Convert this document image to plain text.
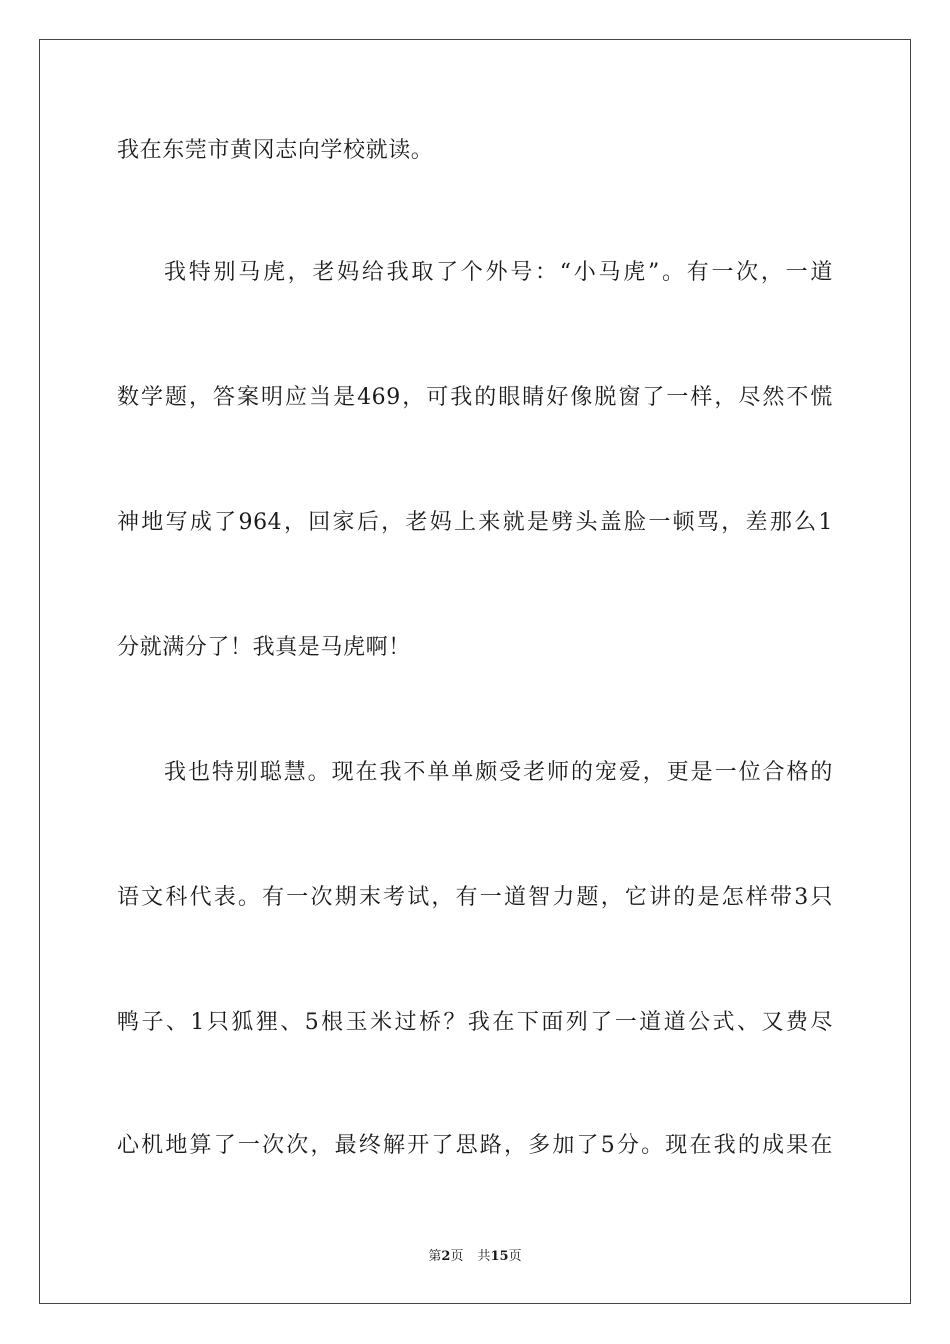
我在东莞市黄冈志向学校就读。
我特别马虎，老妈给我取了个外号：“小马虎”。有一次，一道
数学题，答案明应当是469，可我的眼睛好像脱窗了一样，尽然不慌
神地写成了964，回家后，老妈上来就是劈头盖脸一顿骂，差那么1
分就满分了！我真是马虎啊！
我也特别聪慧。现在我不单单颇受老师的宠爱，更是一位合格的
语文科代表。有一次期末考试，有一道智力题，它讲的是怎样带3只
鸭子、1只狐狸、5根玉米过桥？我在下面列了一道道公式、又费尽
心机地算了一次次，最终解开了思路，多加了5分。现在我的成果在
第2页 共15页
